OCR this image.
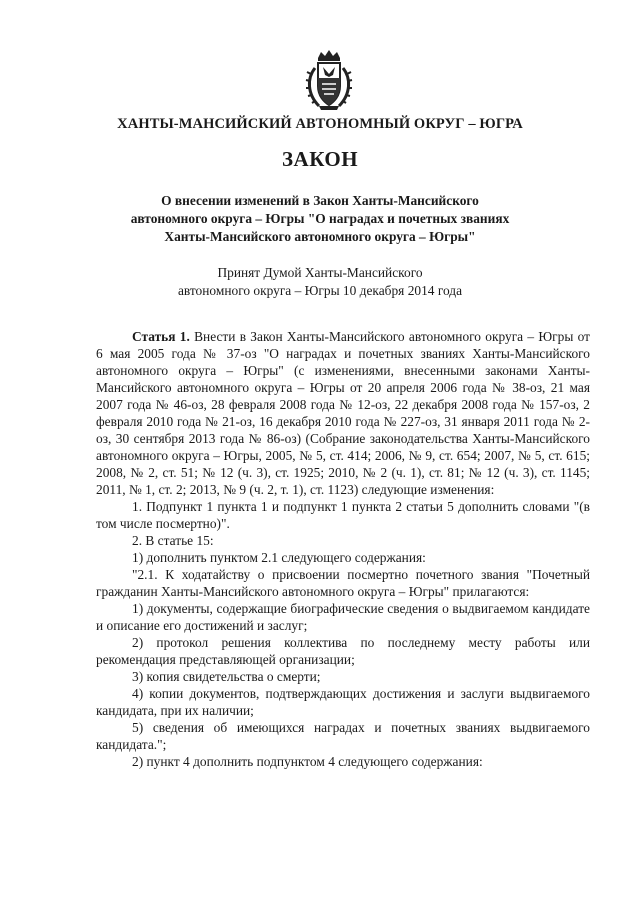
ХАНТЫ-МАНСИЙСКИЙ АВТОНОМНЫЙ ОКРУГ – ЮГРА
ЗАКОН
О внесении изменений в Закон Ханты-Мансийского
автономного округа – Югры "О наградах и почетных званиях
Ханты-Мансийского автономного округа – Югры"
Принят Думой Ханты-Мансийского
автономного округа – Югры 10 декабря 2014 года

Статья 1. Внести в Закон Ханты-Мансийского автономного округа – Югры от 6 мая 2005 года № 37-оз "О наградах и почетных званиях Ханты-Мансийского автономного округа – Югры" (с изменениями, внесенными законами Ханты-Мансийского автономного округа – Югры от 20 апреля 2006 года № 38-оз, 21 мая 2007 года № 46-оз, 28 февраля 2008 года № 12-оз, 22 декабря 2008 года № 157-оз, 2 февраля 2010 года № 21-оз, 16 декабря 2010 года № 227-оз, 31 января 2011 года № 2-оз, 30 сентября 2013 года № 86-оз) (Собрание законодательства Ханты-Мансийского автономного округа – Югры, 2005, № 5, ст. 414; 2006, № 9, ст. 654; 2007, № 5, ст. 615; 2008, № 2, ст. 51; № 12 (ч. 3), ст. 1925; 2010, № 2 (ч. 1), ст. 81; № 12 (ч. 3), ст. 1145; 2011, № 1, ст. 2; 2013, № 9 (ч. 2, т. 1), ст. 1123) следующие изменения:

1. Подпункт 1 пункта 1 и подпункт 1 пункта 2 статьи 5 дополнить словами "(в том числе посмертно)".

2. В статье 15:

1) дополнить пунктом 2.1 следующего содержания:

"2.1. К ходатайству о присвоении посмертно почетного звания "Почетный гражданин Ханты-Мансийского автономного округа – Югры" прилагаются:

1) документы, содержащие биографические сведения о выдвигаемом кандидате и описание его достижений и заслуг;

2) протокол решения коллектива по последнему месту работы или рекомендация представляющей организации;

3) копия свидетельства о смерти;

4) копии документов, подтверждающих достижения и заслуги выдвигаемого кандидата, при их наличии;

5) сведения об имеющихся наградах и почетных званиях выдвигаемого кандидата.";

2) пункт 4 дополнить подпунктом 4 следующего содержания:
